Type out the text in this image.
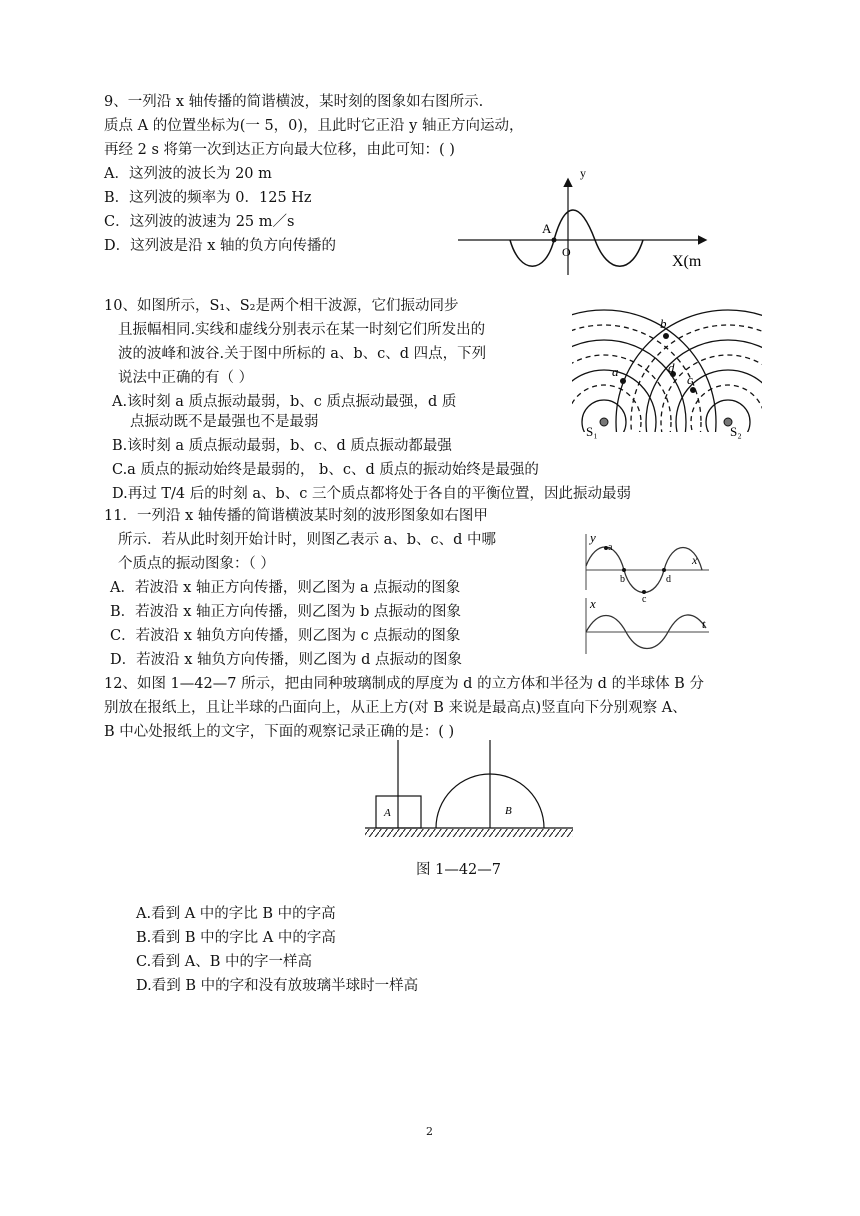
9、一列沿 x 轴传播的简谐横波，某时刻的图象如右图所示.
质点 A 的位置坐标为(一 5，0)，且此时它正沿 y 轴正方向运动，
再经 2 s 将第一次到达正方向最大位移，由此可知：( )
A．这列波的波长为 20 m
B．这列波的频率为 0．125 Hz
C．这列波的波速为 25 m／s
D．这列波是沿 x 轴的负方向传播的
y
A
O
X(m
10、如图所示，S₁、S₂是两个相干波源，它们振动同步
且振幅相同.实线和虚线分别表示在某一时刻它们所发出的
波的波峰和波谷.关于图中所标的 a、b、c、d 四点，下列
说法中正确的有（ ）
A.该时刻 a 质点振动最弱，b、c 质点振动最强，d 质
点振动既不是最强也不是最弱
B.该时刻 a 质点振动最弱，b、c、d 质点振动都最强
C.a 质点的振动始终是最弱的， b、c、d 质点的振动始终是最强的
D.再过 T/4 后的时刻 a、b、c 三个质点都将处于各自的平衡位置，因此振动最弱
b
a	d
c
S₁	S₂
11．一列沿 x 轴传播的简谐横波某时刻的波形图象如右图甲
所示．若从此时刻开始计时，则图乙表示 a、b、c、d 中哪
个质点的振动图象：（ ）
A．若波沿 x 轴正方向传播，则乙图为 a 点振动的图象
B．若波沿 x 轴正方向传播，则乙图为 b 点振动的图象
C．若波沿 x 轴负方向传播，则乙图为 c 点振动的图象
D．若波沿 x 轴负方向传播，则乙图为 d 点振动的图象
y
a
b
c
d
x
x
t
12、如图 1—42—7 所示，把由同种玻璃制成的厚度为 d 的立方体和半径为 d 的半球体 B 分
别放在报纸上，且让半球的凸面向上，从正上方(对 B 来说是最高点)竖直向下分别观察 A、
B 中心处报纸上的文字，下面的观察记录正确的是：( )
A	B
图 1—42—7
A.看到 A 中的字比 B 中的字高
B.看到 B 中的字比 A 中的字高
C.看到 A、B 中的字一样高
D.看到 B 中的字和没有放玻璃半球时一样高
2
